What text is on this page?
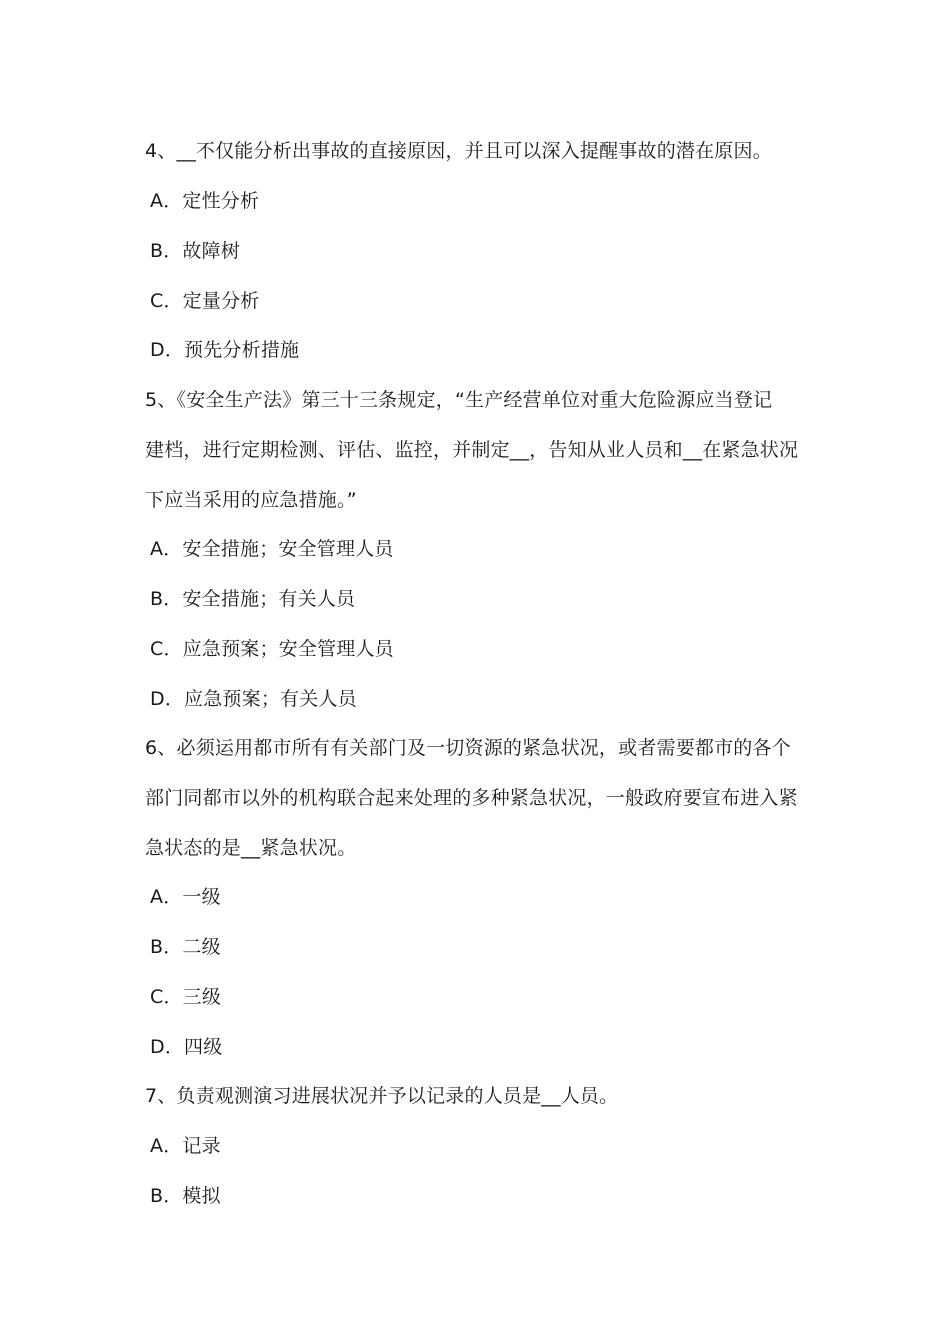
4、__不仅能分析出事故的直接原因，并且可以深入提醒事故的潜在原因。
A．定性分析
B．故障树
C．定量分析
D．预先分析措施
5、《安全生产法》第三十三条规定，“生产经营单位对重大危险源应当登记
建档，进行定期检测、评估、监控，并制定__，告知从业人员和__在紧急状况
下应当采用的应急措施。”
A．安全措施；安全管理人员
B．安全措施；有关人员
C．应急预案；安全管理人员
D．应急预案；有关人员
6、必须运用都市所有有关部门及一切资源的紧急状况，或者需要都市的各个
部门同都市以外的机构联合起来处理的多种紧急状况，一般政府要宣布进入紧
急状态的是__紧急状况。
A．一级
B．二级
C．三级
D．四级
7、负责观测演习进展状况并予以记录的人员是__人员。
A．记录
B．模拟
